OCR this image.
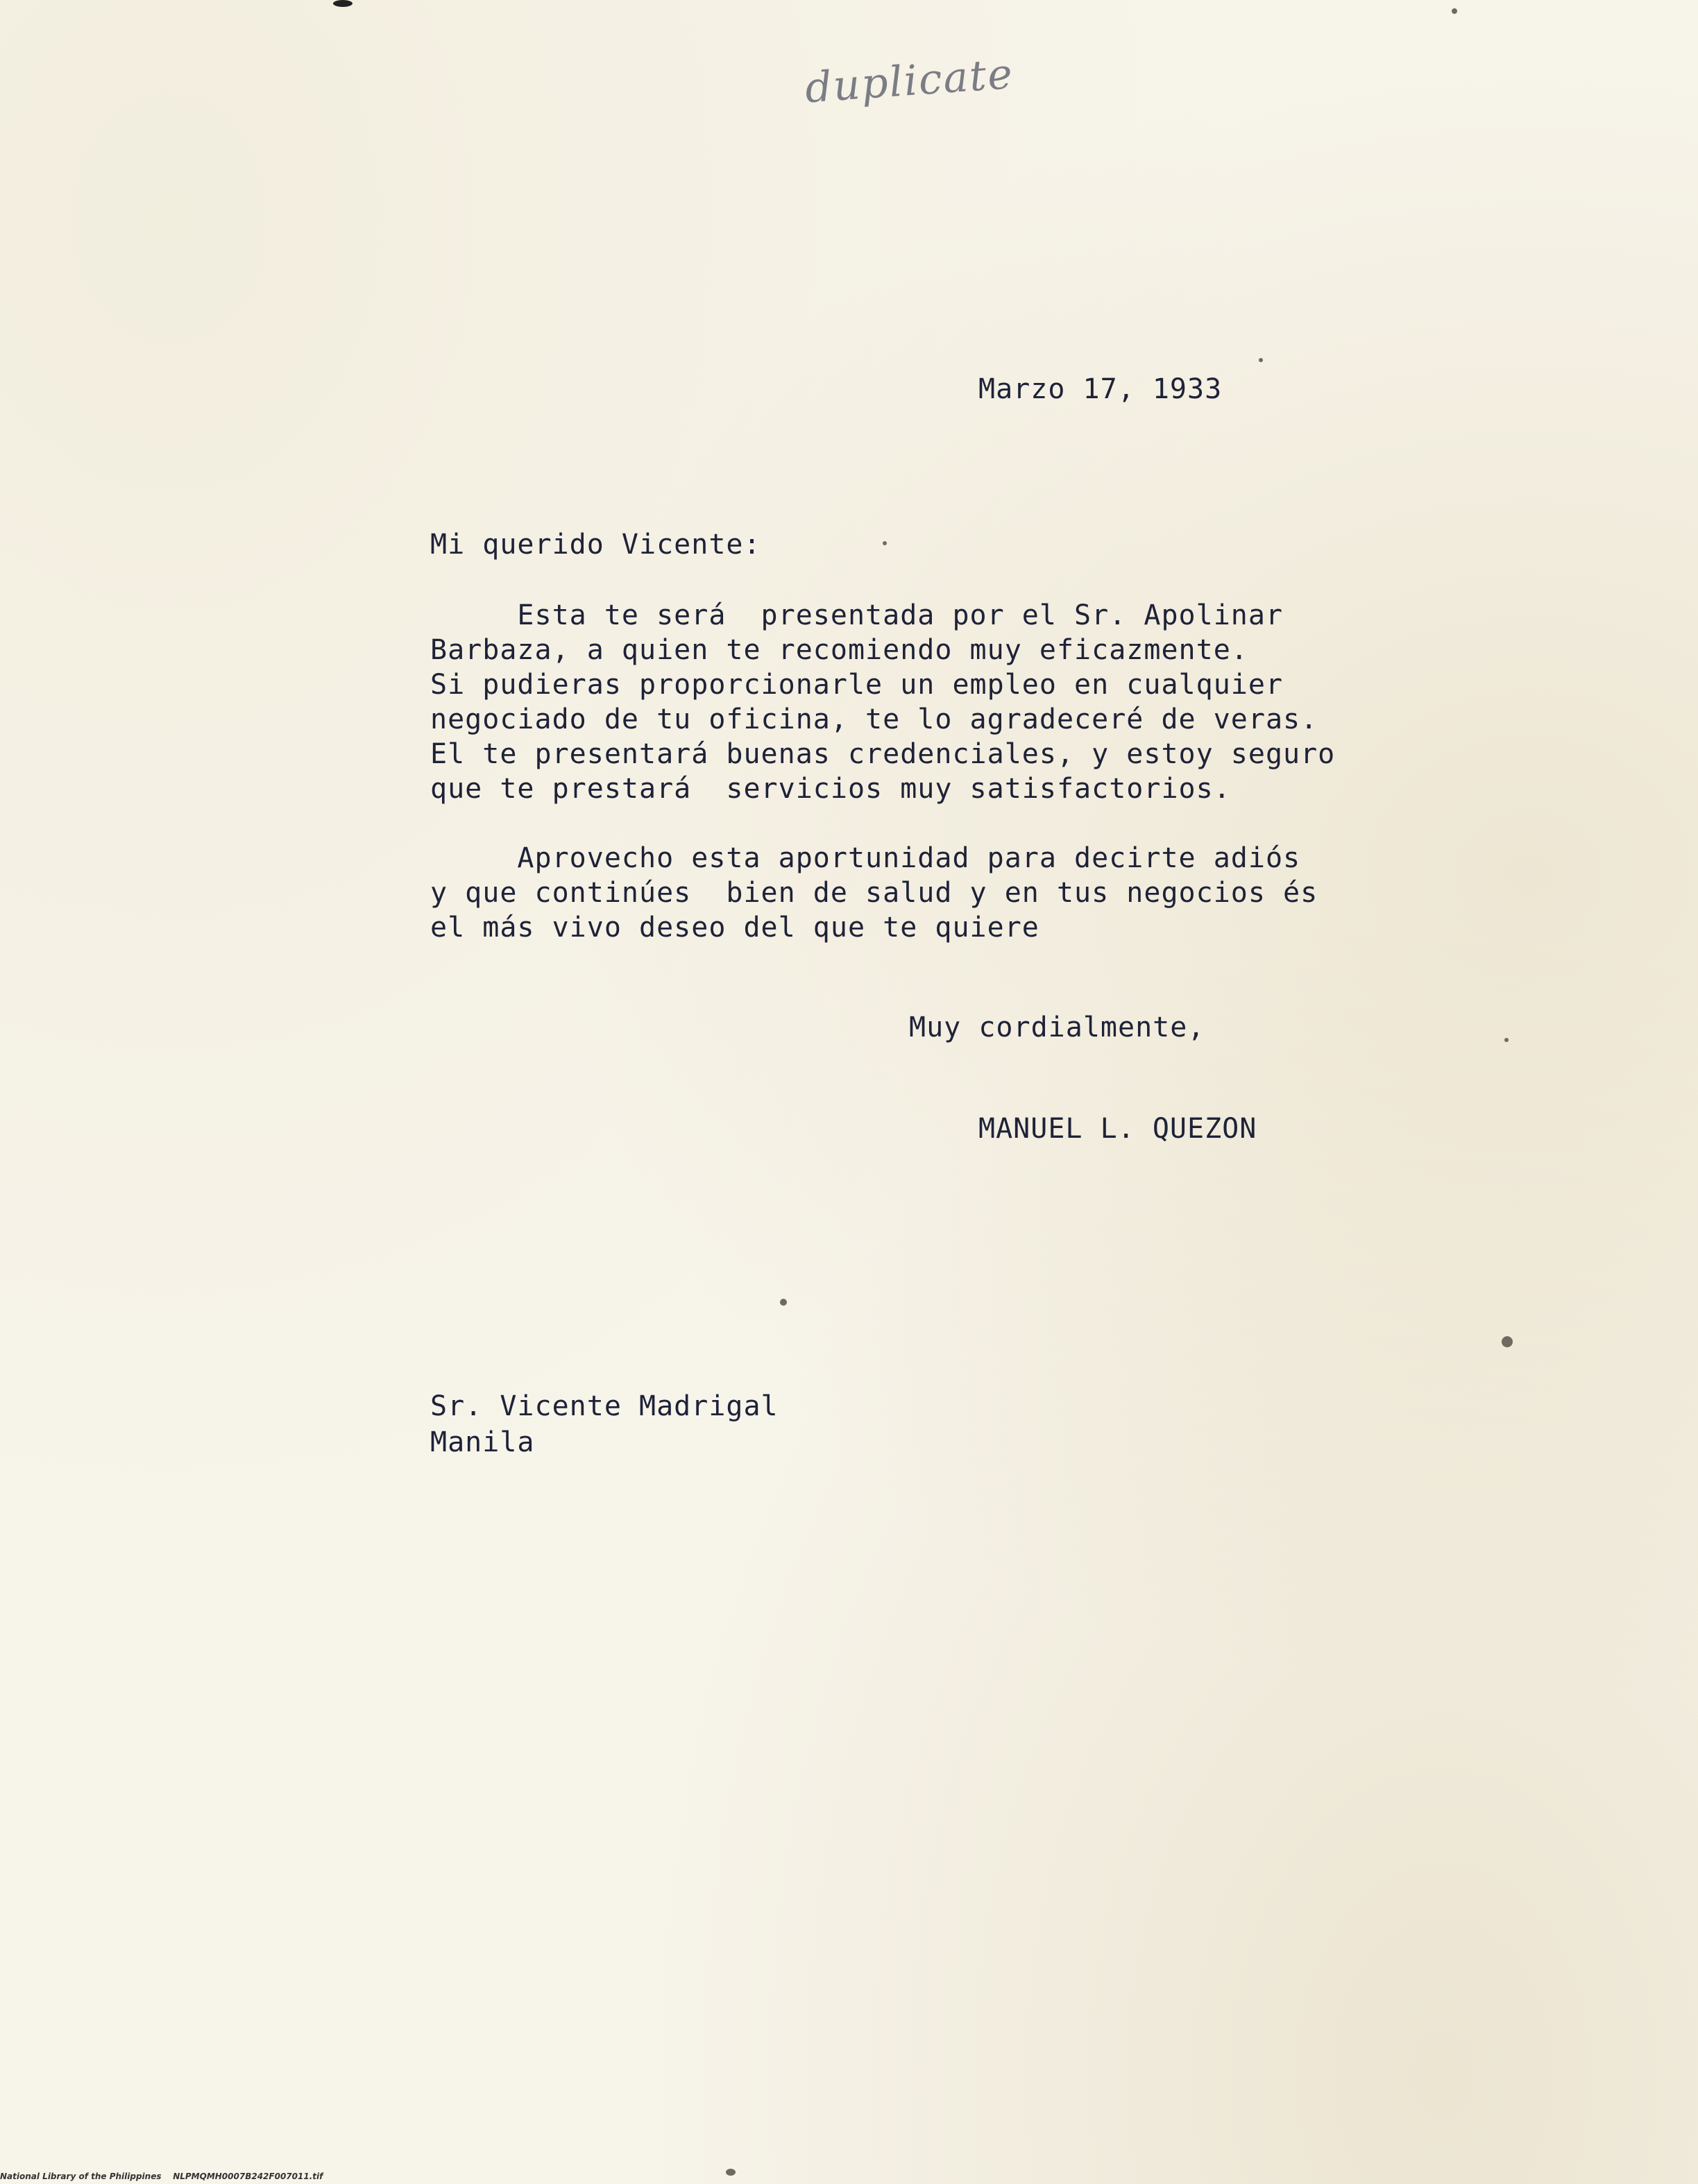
duplicate
Marzo 17, 1933
Mi querido Vicente:
Esta te será  presentada por el Sr. Apolinar
Barbaza, a quien te recomiendo muy eficazmente.
Si pudieras proporcionarle un empleo en cualquier
negociado de tu oficina, te lo agradeceré de veras.
El te presentará buenas credenciales, y estoy seguro
que te prestará  servicios muy satisfactorios.
Aprovecho esta aportunidad para decirte adiós
y que continúes  bien de salud y en tus negocios és
el más vivo deseo del que te quiere
Muy cordialmente,
MANUEL L. QUEZON
Sr. Vicente Madrigal
Manila
National Library of the Philippines    NLPMQMH0007B242F007011.tif
